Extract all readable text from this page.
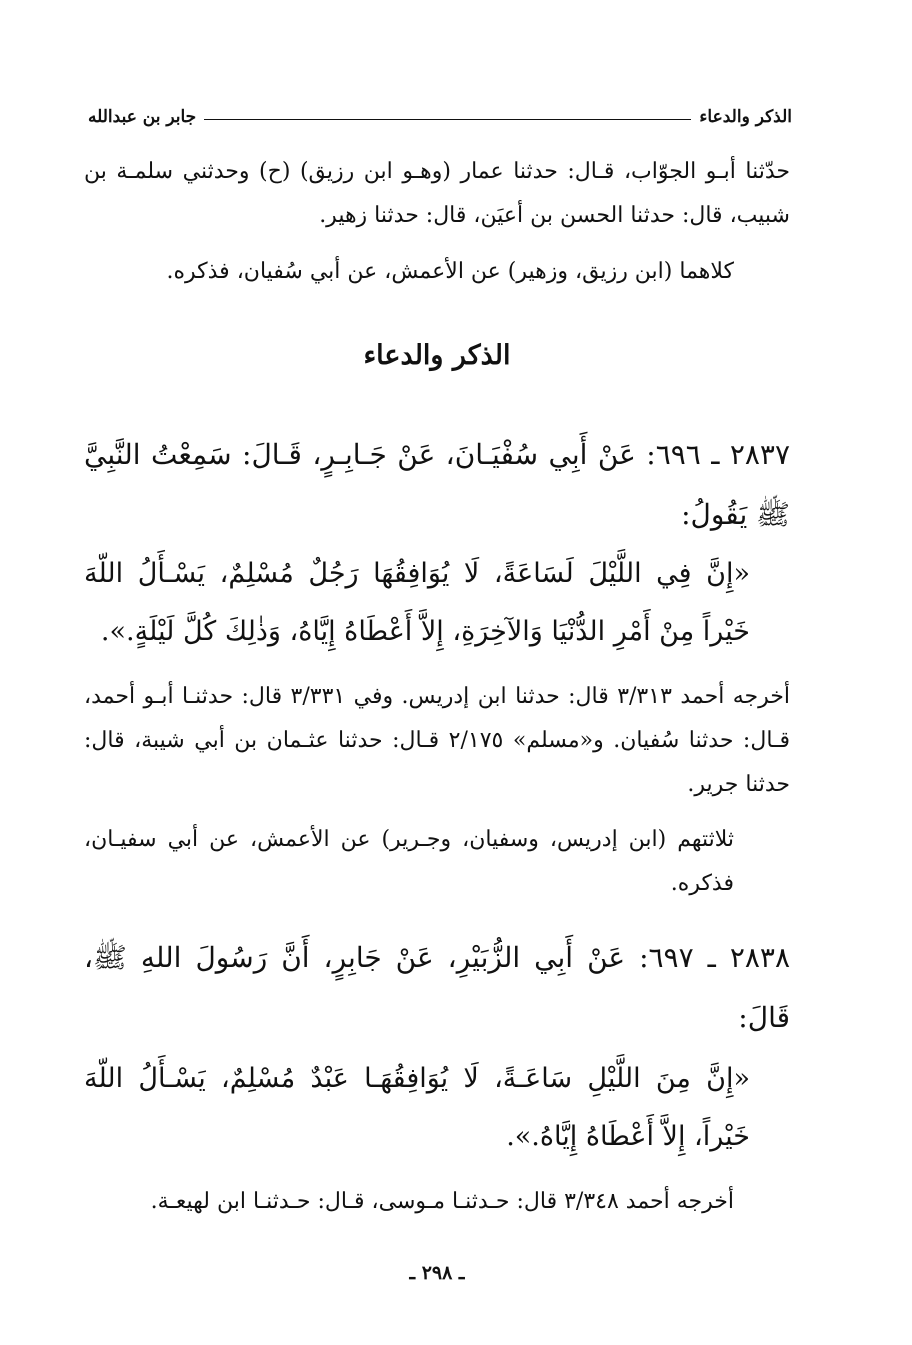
الذكر والدعاء
جابر بن عبدالله
حدّثنا أبـو الجوّاب، قـال: حدثنا عمار (وهـو ابن رزيق) (ح) وحدثني سلمـة بن شبيب، قال: حدثنا الحسن بن أعيَن، قال: حدثنا زهير.
كلاهما (ابن رزيق، وزهير) عن الأعمش، عن أبي سُفيان، فذكره.
الذكر والدعاء
٢٨٣٧ ـ ٦٩٦: عَنْ أَبِي سُفْيَـانَ، عَنْ جَـابِـرٍ، قَـالَ: سَمِعْتُ النَّبِيَّ ﷺ يَقُولُ:
«إِنَّ فِي اللَّيْلَ لَسَاعَةً، لَا يُوَافِقُهَا رَجُلٌ مُسْلِمٌ، يَسْـأَلُ اللّهَ خَيْراً مِنْ أَمْرِ الدُّنْيَا وَالآخِرَةِ، إِلاَّ أَعْطَاهُ إِيَّاهُ، وَذٰلِكَ كُلَّ لَيْلَةٍ.».
أخرجه أحمد ٣/٣١٣ قال: حدثنا ابن إدريس. وفي ٣/٣٣١ قال: حدثنـا أبـو أحمد، قـال: حدثنا سُفيان. و«مسلم» ٢/١٧٥ قـال: حدثنا عثـمان بن أبي شيبة، قال: حدثنا جرير.
ثلاثتهم (ابن إدريس، وسفيان، وجـرير) عن الأعمش، عن أبي سفيـان، فذكره.
٢٨٣٨ ـ ٦٩٧: عَنْ أَبِي الزُّبَيْرِ، عَنْ جَابِرٍ، أَنَّ رَسُولَ اللهِ ﷺ، قَالَ:
«إِنَّ مِنَ اللَّيْلِ سَاعَـةً، لَا يُوَافِقُهَـا عَبْدٌ مُسْلِمٌ، يَسْـأَلُ اللّهَ خَيْراً، إِلاَّ أَعْطَاهُ إِيَّاهُ.».
أخرجه أحمد ٣/٣٤٨ قال: حـدثنـا مـوسى، قـال: حـدثنـا ابن لهيعـة.
ـ ٢٩٨ ـ
